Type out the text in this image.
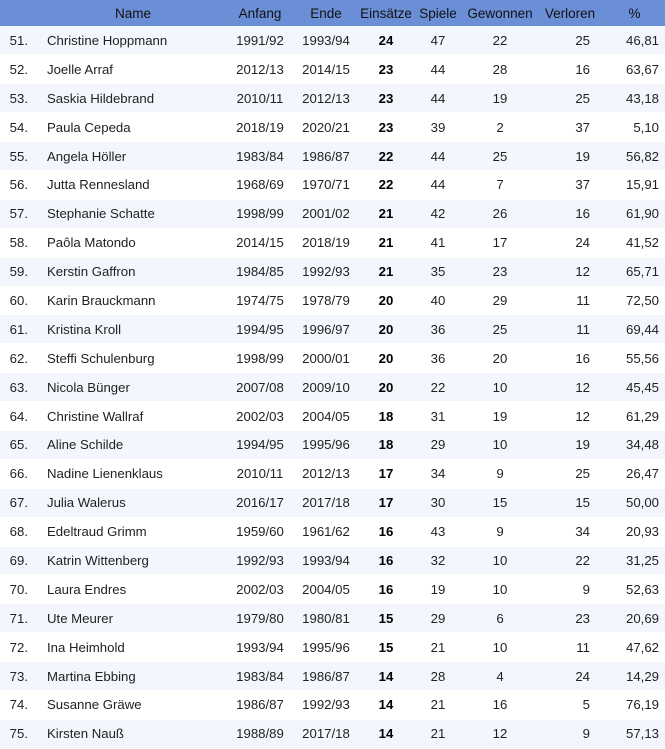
	Name	Anfang	Ende	Einsätze	Spiele	Gewonnen	Verloren	%
51.	Christine Hoppmann	1991/92	1993/94	24	47	22	25	46,81
52.	Joelle Arraf	2012/13	2014/15	23	44	28	16	63,67
53.	Saskia Hildebrand	2010/11	2012/13	23	44	19	25	43,18
54.	Paula Cepeda	2018/19	2020/21	23	39	2	37	5,10
55.	Angela Höller	1983/84	1986/87	22	44	25	19	56,82
56.	Jutta Rennesland	1968/69	1970/71	22	44	7	37	15,91
57.	Stephanie Schatte	1998/99	2001/02	21	42	26	16	61,90
58.	Paôla Matondo	2014/15	2018/19	21	41	17	24	41,52
59.	Kerstin Gaffron	1984/85	1992/93	21	35	23	12	65,71
60.	Karin Brauckmann	1974/75	1978/79	20	40	29	11	72,50
61.	Kristina Kroll	1994/95	1996/97	20	36	25	11	69,44
62.	Steffi Schulenburg	1998/99	2000/01	20	36	20	16	55,56
63.	Nicola Bünger	2007/08	2009/10	20	22	10	12	45,45
64.	Christine Wallraf	2002/03	2004/05	18	31	19	12	61,29
65.	Aline Schilde	1994/95	1995/96	18	29	10	19	34,48
66.	Nadine Lienenklaus	2010/11	2012/13	17	34	9	25	26,47
67.	Julia Walerus	2016/17	2017/18	17	30	15	15	50,00
68.	Edeltraud Grimm	1959/60	1961/62	16	43	9	34	20,93
69.	Katrin Wittenberg	1992/93	1993/94	16	32	10	22	31,25
70.	Laura Endres	2002/03	2004/05	16	19	10	9	52,63
71.	Ute Meurer	1979/80	1980/81	15	29	6	23	20,69
72.	Ina Heimhold	1993/94	1995/96	15	21	10	11	47,62
73.	Martina Ebbing	1983/84	1986/87	14	28	4	24	14,29
74.	Susanne Gräwe	1986/87	1992/93	14	21	16	5	76,19
75.	Kirsten Nauß	1988/89	2017/18	14	21	12	9	57,13
